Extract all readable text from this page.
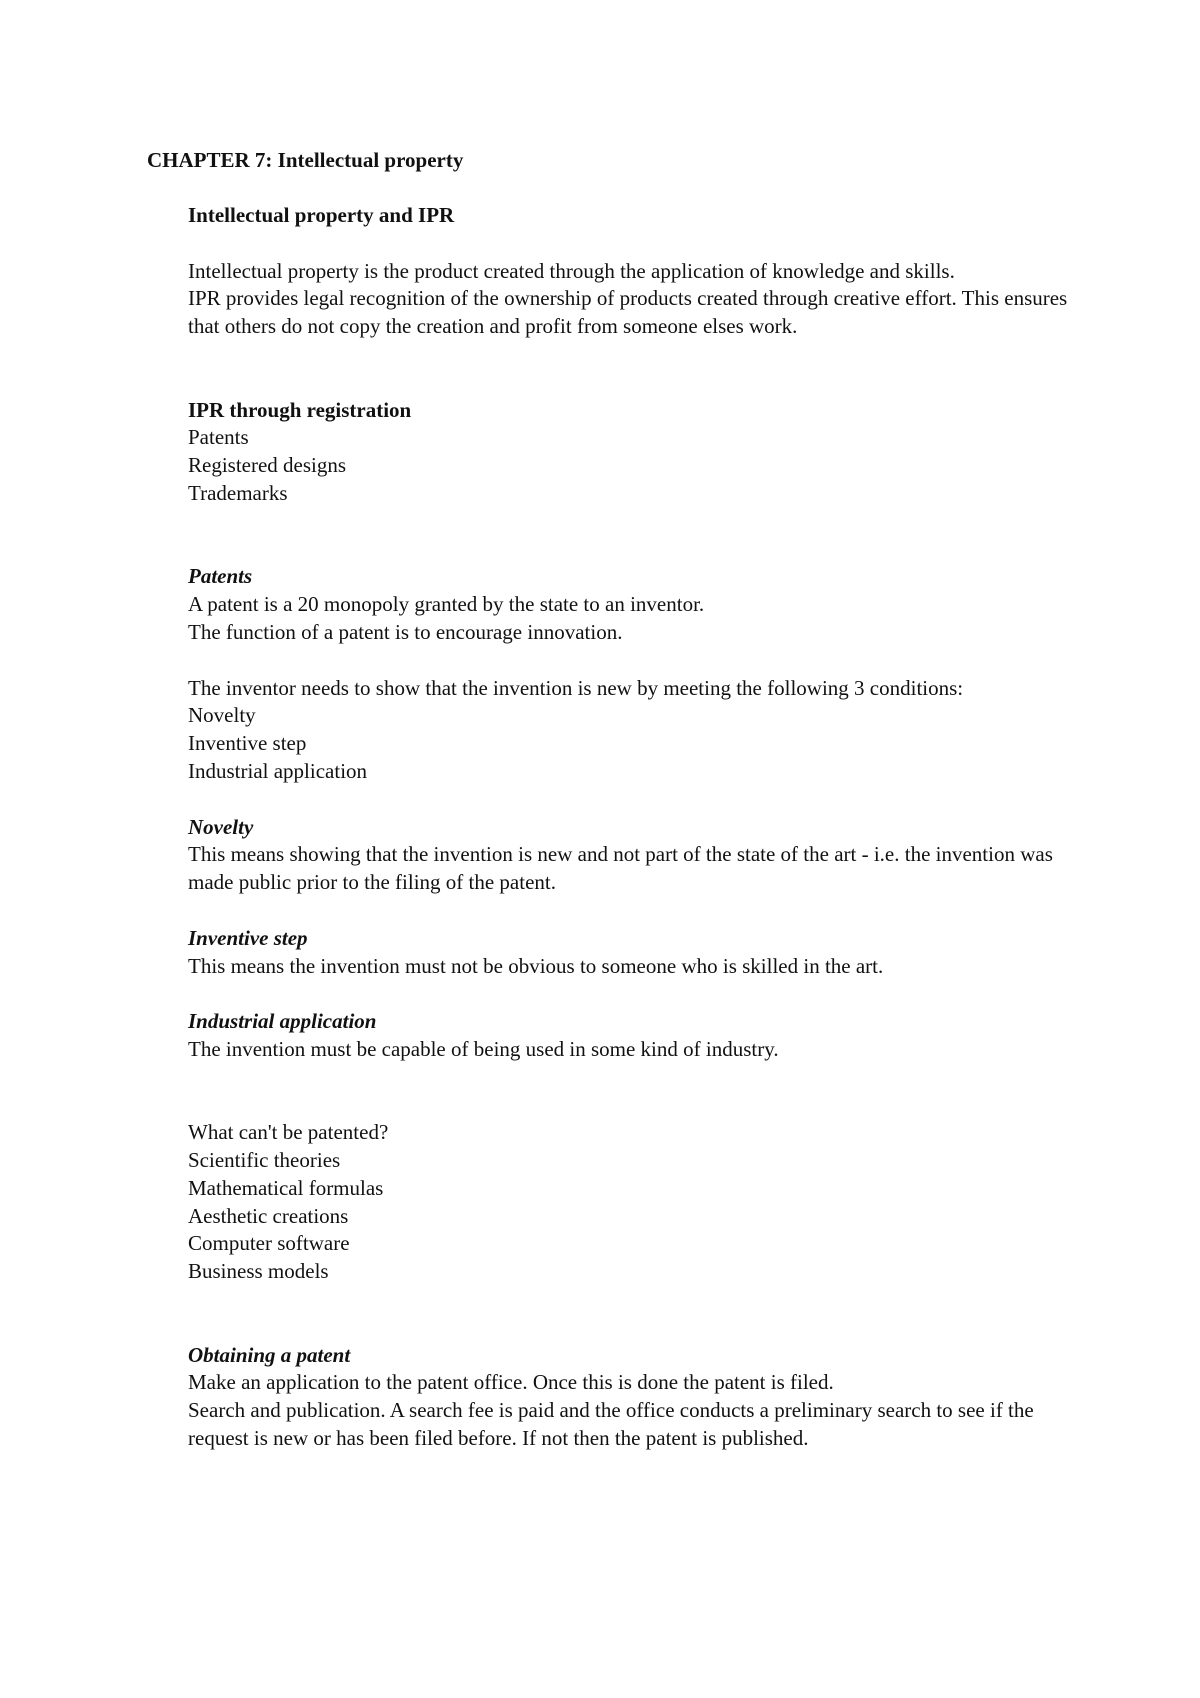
CHAPTER 7: Intellectual property

Intellectual property and IPR

Intellectual property is the product created through the application of knowledge and skills.

IPR provides legal recognition of the ownership of products created through creative effort. This ensures that others do not copy the creation and profit from someone elses work.

IPR through registration

Patents

Registered designs

Trademarks

Patents

A patent is a 20 monopoly granted by the state to an inventor.

The function of a patent is to encourage innovation.

The inventor needs to show that the invention is new by meeting the following 3 conditions:

Novelty

Inventive step

Industrial application

Novelty

This means showing that the invention is new and not part of the state of the art - i.e. the invention was made public prior to the filing of the patent.

Inventive step

This means the invention must not be obvious to someone who is skilled in the art.

Industrial application

The invention must be capable of being used in some kind of industry.

What can't be patented?

Scientific theories

Mathematical formulas

Aesthetic creations

Computer software

Business models

Obtaining a patent

Make an application to the patent office. Once this is done the patent is filed.

Search and publication. A search fee is paid and the office conducts a preliminary search to see if the request is new or has been filed before. If not then the patent is published.
